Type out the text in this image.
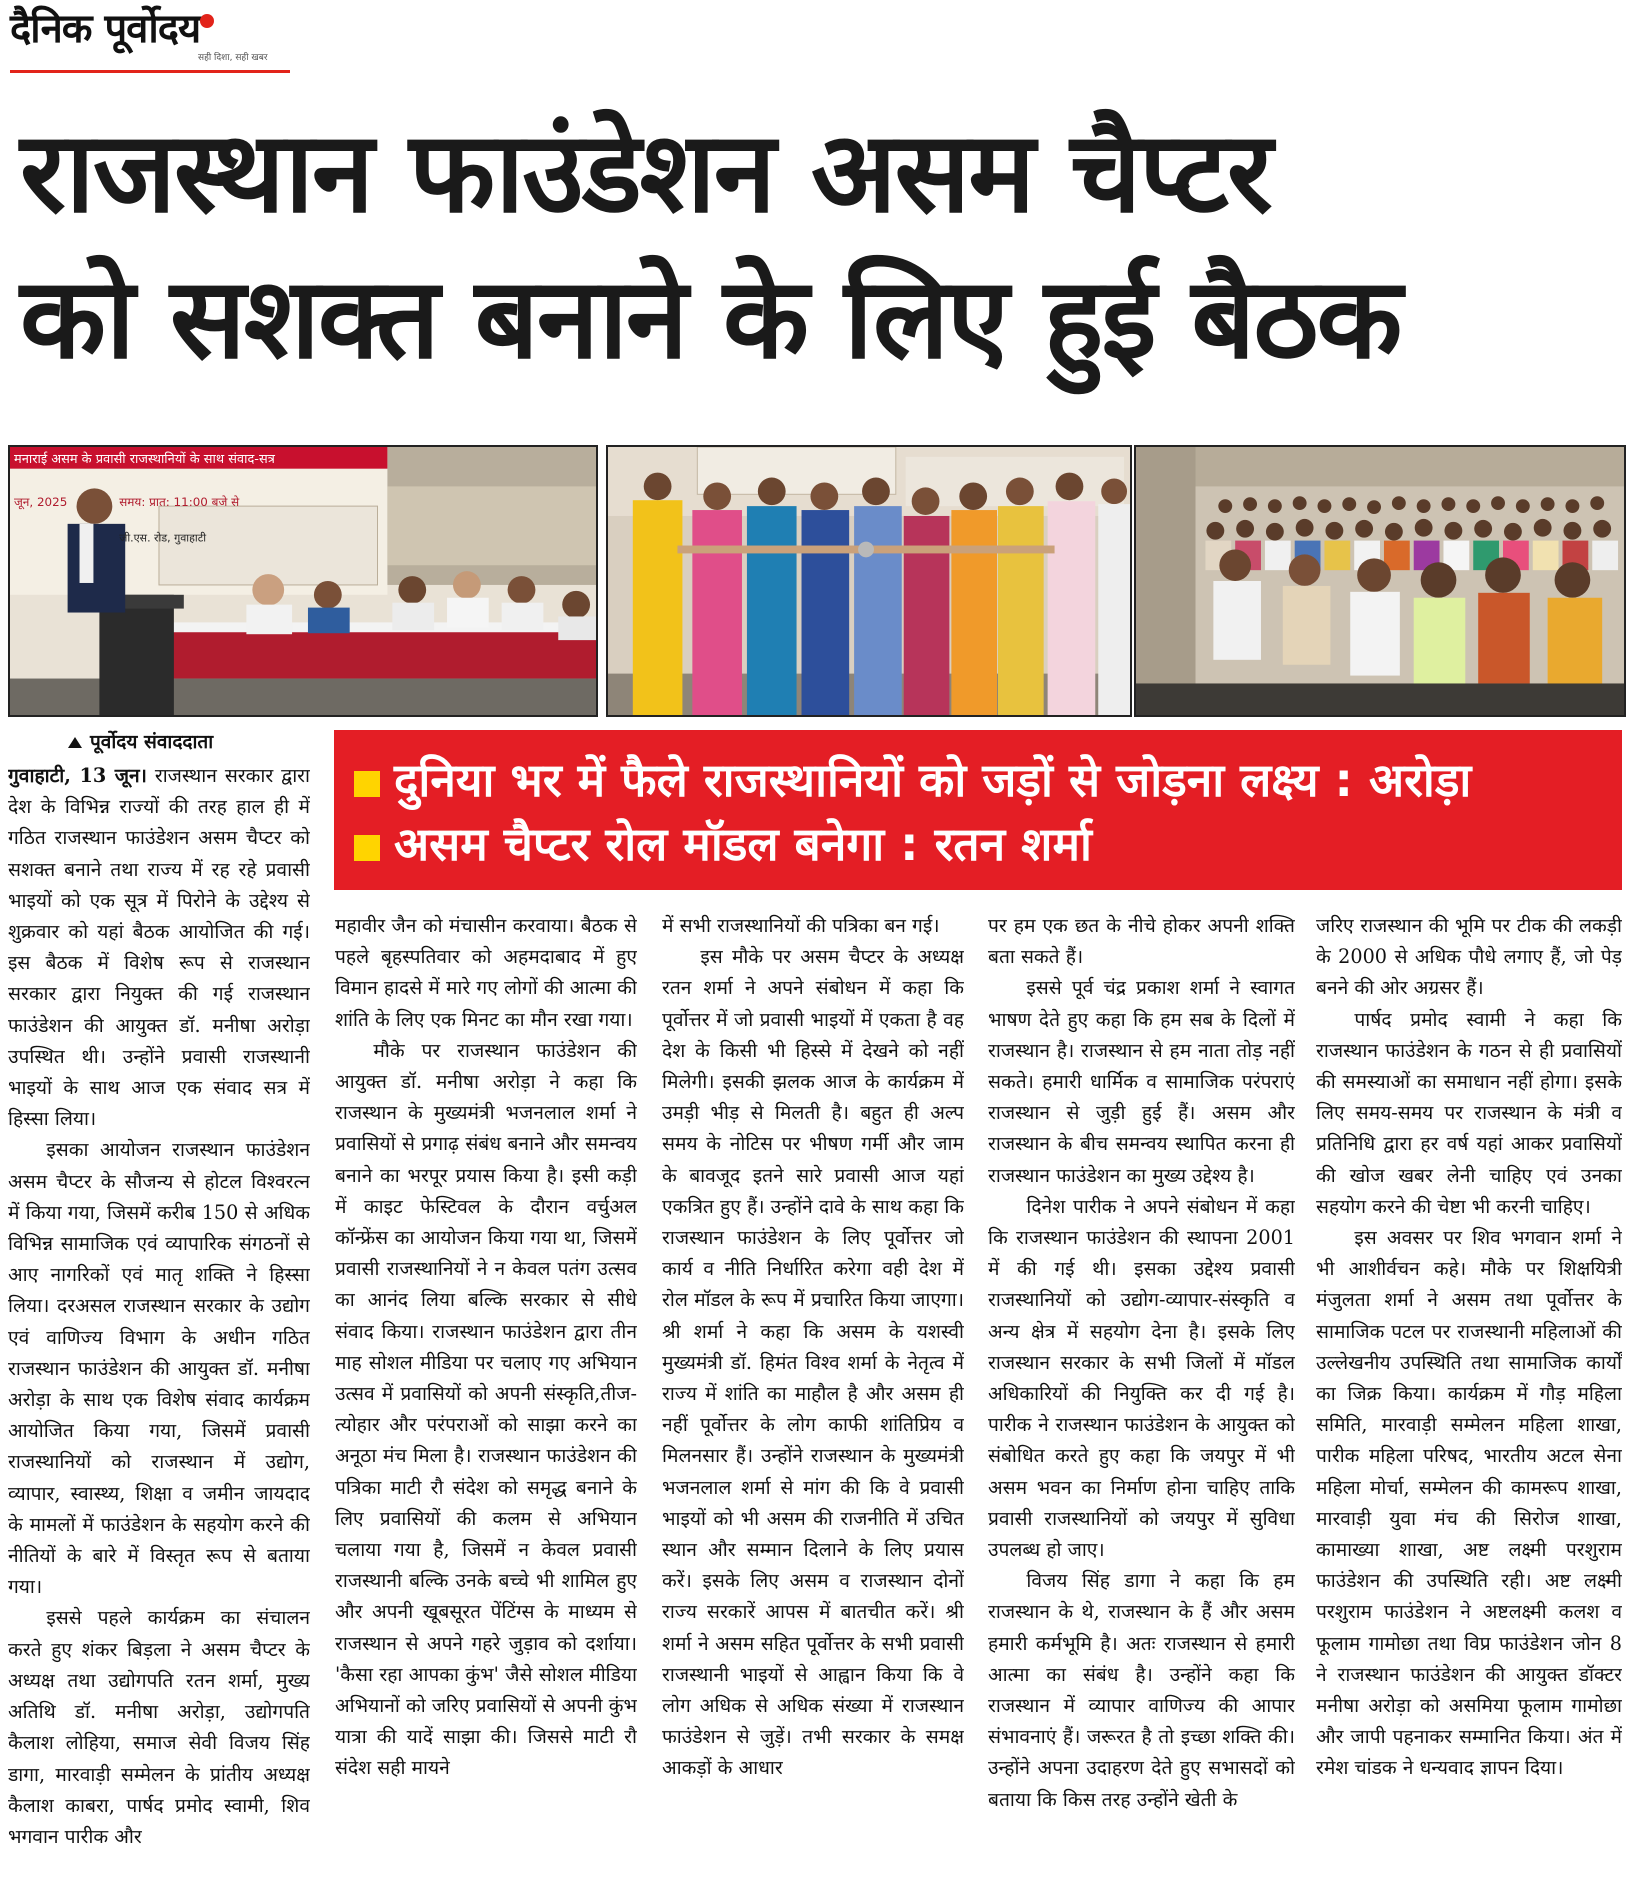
दैनिक पूर्वोदय
सही दिशा, सही खबर
राजस्थान फाउंडेशन असम चैप्टर
को सशक्त बनाने के लिए हुई बैठक
मनाराई असम के प्रवासी राजस्थानियों के साथ संवाद-सत्र
समय: प्रात: 11:00 बजे से
जून, 2025
जी.एस. रोड, गुवाहाटी
पूर्वोदय संवाददाता
दुनिया भर में फैले राजस्थानियों को जड़ों से जोड़ना लक्ष्य : अरोड़ा
असम चैप्टर रोल मॉडल बनेगा : रतन शर्मा

गुवाहाटी, 13 जून। राजस्थान सरकार द्वारा देश के विभिन्न राज्यों की तरह हाल ही में गठित राजस्थान फाउंडेशन असम चैप्टर को सशक्त बनाने तथा राज्य में रह रहे प्रवासी भाइयों को एक सूत्र में पिरोने के उद्देश्य से शुक्रवार को यहां बैठक आयोजित की गई। इस बैठक में विशेष रूप से राजस्थान सरकार द्वारा नियुक्त की गई राजस्थान फाउंडेशन की आयुक्त डॉ. मनीषा अरोड़ा उपस्थित थी। उन्होंने प्रवासी राजस्थानी भाइयों के साथ आज एक संवाद सत्र में हिस्सा लिया।

इसका आयोजन राजस्थान फाउंडेशन असम चैप्टर के सौजन्य से होटल विश्वरत्न में किया गया, जिसमें करीब 150 से अधिक विभिन्न सामाजिक एवं व्यापारिक संगठनों से आए नागरिकों एवं मातृ शक्ति ने हिस्सा लिया। दरअसल राजस्थान सरकार के उद्योग एवं वाणिज्य विभाग के अधीन गठित राजस्थान फाउंडेशन की आयुक्त डॉ. मनीषा अरोड़ा के साथ एक विशेष संवाद कार्यक्रम आयोजित किया गया, जिसमें प्रवासी राजस्थानियों को राजस्थान में उद्योग, व्यापार, स्वास्थ्य, शिक्षा व जमीन जायदाद के मामलों में फाउंडेशन के सहयोग करने की नीतियों के बारे में विस्तृत रूप से बताया गया।

इससे पहले कार्यक्रम का संचालन करते हुए शंकर बिड़ला ने असम चैप्टर के अध्यक्ष तथा उद्योगपति रतन शर्मा, मुख्य अतिथि डॉ. मनीषा अरोड़ा, उद्योगपति कैलाश लोहिया, समाज सेवी विजय सिंह डागा, मारवाड़ी सम्मेलन के प्रांतीय अध्यक्ष कैलाश काबरा, पार्षद प्रमोद स्वामी, शिव भगवान पारीक और

महावीर जैन को मंचासीन करवाया। बैठक से पहले बृहस्पतिवार को अहमदाबाद में हुए विमान हादसे में मारे गए लोगों की आत्मा की शांति के लिए एक मिनट का मौन रखा गया।

मौके पर राजस्थान फाउंडेशन की आयुक्त डॉ. मनीषा अरोड़ा ने कहा कि राजस्थान के मुख्यमंत्री भजनलाल शर्मा ने प्रवासियों से प्रगाढ़ संबंध बनाने और समन्वय बनाने का भरपूर प्रयास किया है। इसी कड़ी में काइट फेस्टिवल के दौरान वर्चुअल कॉन्फ्रेंस का आयोजन किया गया था, जिसमें प्रवासी राजस्थानियों ने न केवल पतंग उत्सव का आनंद लिया बल्कि सरकार से सीधे संवाद किया। राजस्थान फाउंडेशन द्वारा तीन माह सोशल मीडिया पर चलाए गए अभियान उत्सव में प्रवासियों को अपनी संस्कृति,तीज-त्योहार और परंपराओं को साझा करने का अनूठा मंच मिला है। राजस्थान फाउंडेशन की पत्रिका माटी रौ संदेश को समृद्ध बनाने के लिए प्रवासियों की कलम से अभियान चलाया गया है, जिसमें न केवल प्रवासी राजस्थानी बल्कि उनके बच्चे भी शामिल हुए और अपनी खूबसूरत पेंटिंग्स के माध्यम से राजस्थान से अपने गहरे जुड़ाव को दर्शाया। 'कैसा रहा आपका कुंभ' जैसे सोशल मीडिया अभियानों को जरिए प्रवासियों से अपनी कुंभ यात्रा की यादें साझा की। जिससे माटी रौ संदेश सही मायने

में सभी राजस्थानियों की पत्रिका बन गई।

इस मौके पर असम चैप्टर के अध्यक्ष रतन शर्मा ने अपने संबोधन में कहा कि पूर्वोत्तर में जो प्रवासी भाइयों में एकता है वह देश के किसी भी हिस्से में देखने को नहीं मिलेगी। इसकी झलक आज के कार्यक्रम में उमड़ी भीड़ से मिलती है। बहुत ही अल्प समय के नोटिस पर भीषण गर्मी और जाम के बावजूद इतने सारे प्रवासी आज यहां एकत्रित हुए हैं। उन्होंने दावे के साथ कहा कि राजस्थान फाउंडेशन के लिए पूर्वोत्तर जो कार्य व नीति निर्धारित करेगा वही देश में रोल मॉडल के रूप में प्रचारित किया जाएगा। श्री शर्मा ने कहा कि असम के यशस्वी मुख्यमंत्री डॉ. हिमंत विश्व शर्मा के नेतृत्व में राज्य में शांति का माहौल है और असम ही नहीं पूर्वोत्तर के लोग काफी शांतिप्रिय व मिलनसार हैं। उन्होंने राजस्थान के मुख्यमंत्री भजनलाल शर्मा से मांग की कि वे प्रवासी भाइयों को भी असम की राजनीति में उचित स्थान और सम्मान दिलाने के लिए प्रयास करें। इसके लिए असम व राजस्थान दोनों राज्य सरकारें आपस में बातचीत करें। श्री शर्मा ने असम सहित पूर्वोत्तर के सभी प्रवासी राजस्थानी भाइयों से आह्वान किया कि वे लोग अधिक से अधिक संख्या में राजस्थान फाउंडेशन से जुड़ें। तभी सरकार के समक्ष आकड़ों के आधार

पर हम एक छत के नीचे होकर अपनी शक्ति बता सकते हैं।

इससे पूर्व चंद्र प्रकाश शर्मा ने स्वागत भाषण देते हुए कहा कि हम सब के दिलों में राजस्थान है। राजस्थान से हम नाता तोड़ नहीं सकते। हमारी धार्मिक व सामाजिक परंपराएं राजस्थान से जुड़ी हुई हैं। असम और राजस्थान के बीच समन्वय स्थापित करना ही राजस्थान फाउंडेशन का मुख्य उद्देश्य है।

दिनेश पारीक ने अपने संबोधन में कहा कि राजस्थान फाउंडेशन की स्थापना 2001 में की गई थी। इसका उद्देश्य प्रवासी राजस्थानियों को उद्योग-व्यापार-संस्कृति व अन्य क्षेत्र में सहयोग देना है। इसके लिए राजस्थान सरकार के सभी जिलों में मॉडल अधिकारियों की नियुक्ति कर दी गई है। पारीक ने राजस्थान फाउंडेशन के आयुक्त को संबोधित करते हुए कहा कि जयपुर में भी असम भवन का निर्माण होना चाहिए ताकि प्रवासी राजस्थानियों को जयपुर में सुविधा उपलब्ध हो जाए।

विजय सिंह डागा ने कहा कि हम राजस्थान के थे, राजस्थान के हैं और असम हमारी कर्मभूमि है। अतः राजस्थान से हमारी आत्मा का संबंध है। उन्होंने कहा कि राजस्थान में व्यापार वाणिज्य की आपार संभावनाएं हैं। जरूरत है तो इच्छा शक्ति की। उन्होंने अपना उदाहरण देते हुए सभासदों को बताया कि किस तरह उन्होंने खेती के

जरिए राजस्थान की भूमि पर टीक की लकड़ी के 2000 से अधिक पौधे लगाए हैं, जो पेड़ बनने की ओर अग्रसर हैं।

पार्षद प्रमोद स्वामी ने कहा कि राजस्थान फाउंडेशन के गठन से ही प्रवासियों की समस्याओं का समाधान नहीं होगा। इसके लिए समय-समय पर राजस्थान के मंत्री व प्रतिनिधि द्वारा हर वर्ष यहां आकर प्रवासियों की खोज खबर लेनी चाहिए एवं उनका सहयोग करने की चेष्टा भी करनी चाहिए।

इस अवसर पर शिव भगवान शर्मा ने भी आशीर्वचन कहे। मौके पर शिक्षयित्री मंजुलता शर्मा ने असम तथा पूर्वोत्तर के सामाजिक पटल पर राजस्थानी महिलाओं की उल्लेखनीय उपस्थिति तथा सामाजिक कार्यों का जिक्र किया। कार्यक्रम में गौड़ महिला समिति, मारवाड़ी सम्मेलन महिला शाखा, पारीक महिला परिषद, भारतीय अटल सेना महिला मोर्चा, सम्मेलन की कामरूप शाखा, मारवाड़ी युवा मंच की सिरोज शाखा, कामाख्या शाखा, अष्ट लक्ष्मी परशुराम फाउंडेशन की उपस्थिति रही। अष्ट लक्ष्मी परशुराम फाउंडेशन ने अष्टलक्ष्मी कलश व फूलाम गामोछा तथा विप्र फाउंडेशन जोन 8 ने राजस्थान फाउंडेशन की आयुक्त डॉक्टर मनीषा अरोड़ा को असमिया फूलाम गामोछा और जापी पहनाकर सम्मानित किया। अंत में रमेश चांडक ने धन्यवाद ज्ञापन दिया।
